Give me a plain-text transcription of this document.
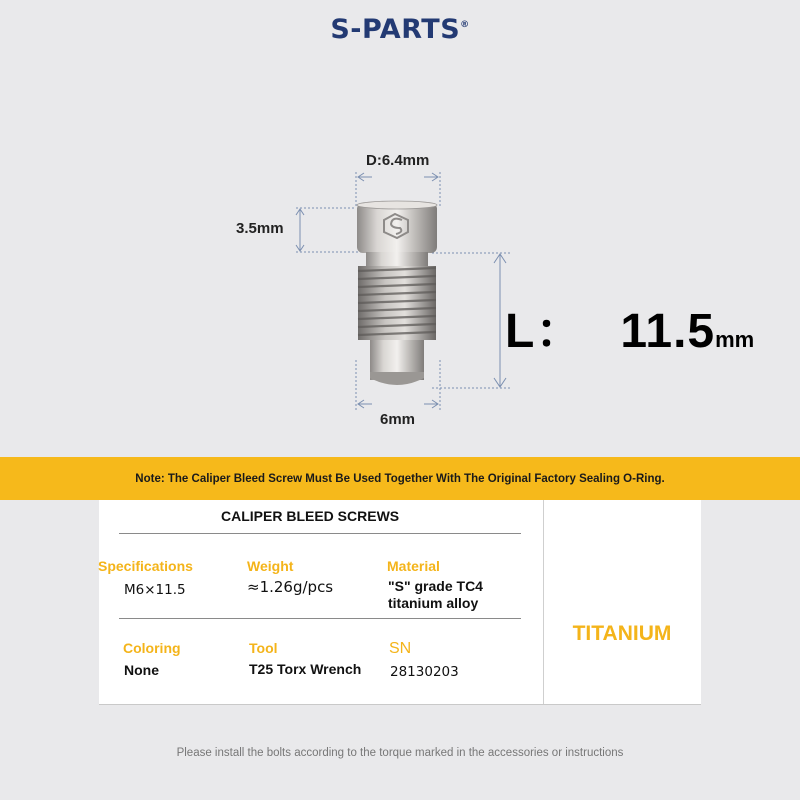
S-PARTS®
D:6.4mm
3.5mm
6mm
L： 11.5mm
Note: The Caliper Bleed Screw Must Be Used Together With The Original Factory Sealing O-Ring.
CALIPER BLEED SCREWS
Specifications
M6×11.5
Weight
≈1.26g/pcs
Material
"S" grade TC4
titanium alloy
Coloring
None
Tool
T25 Torx Wrench
SN
28130203
TITANIUM
Please install the bolts according to the torque marked in the accessories or instructions
